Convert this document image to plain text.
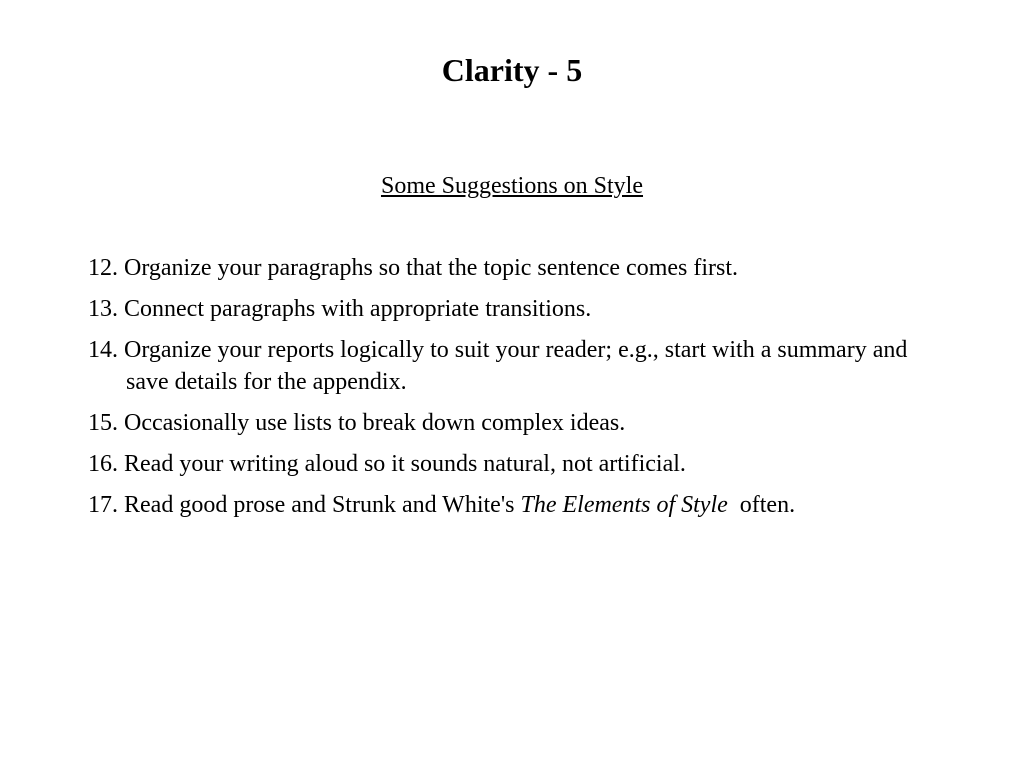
Clarity - 5
Some Suggestions on Style
12. Organize your paragraphs so that the topic sentence comes first.
13. Connect paragraphs with appropriate transitions.
14. Organize your reports logically to suit your reader; e.g., start with a summary and save details for the appendix.
15. Occasionally use lists to break down complex ideas.
16. Read your writing aloud so it sounds natural, not artificial.
17. Read good prose and Strunk and White's The Elements of Style  often.
